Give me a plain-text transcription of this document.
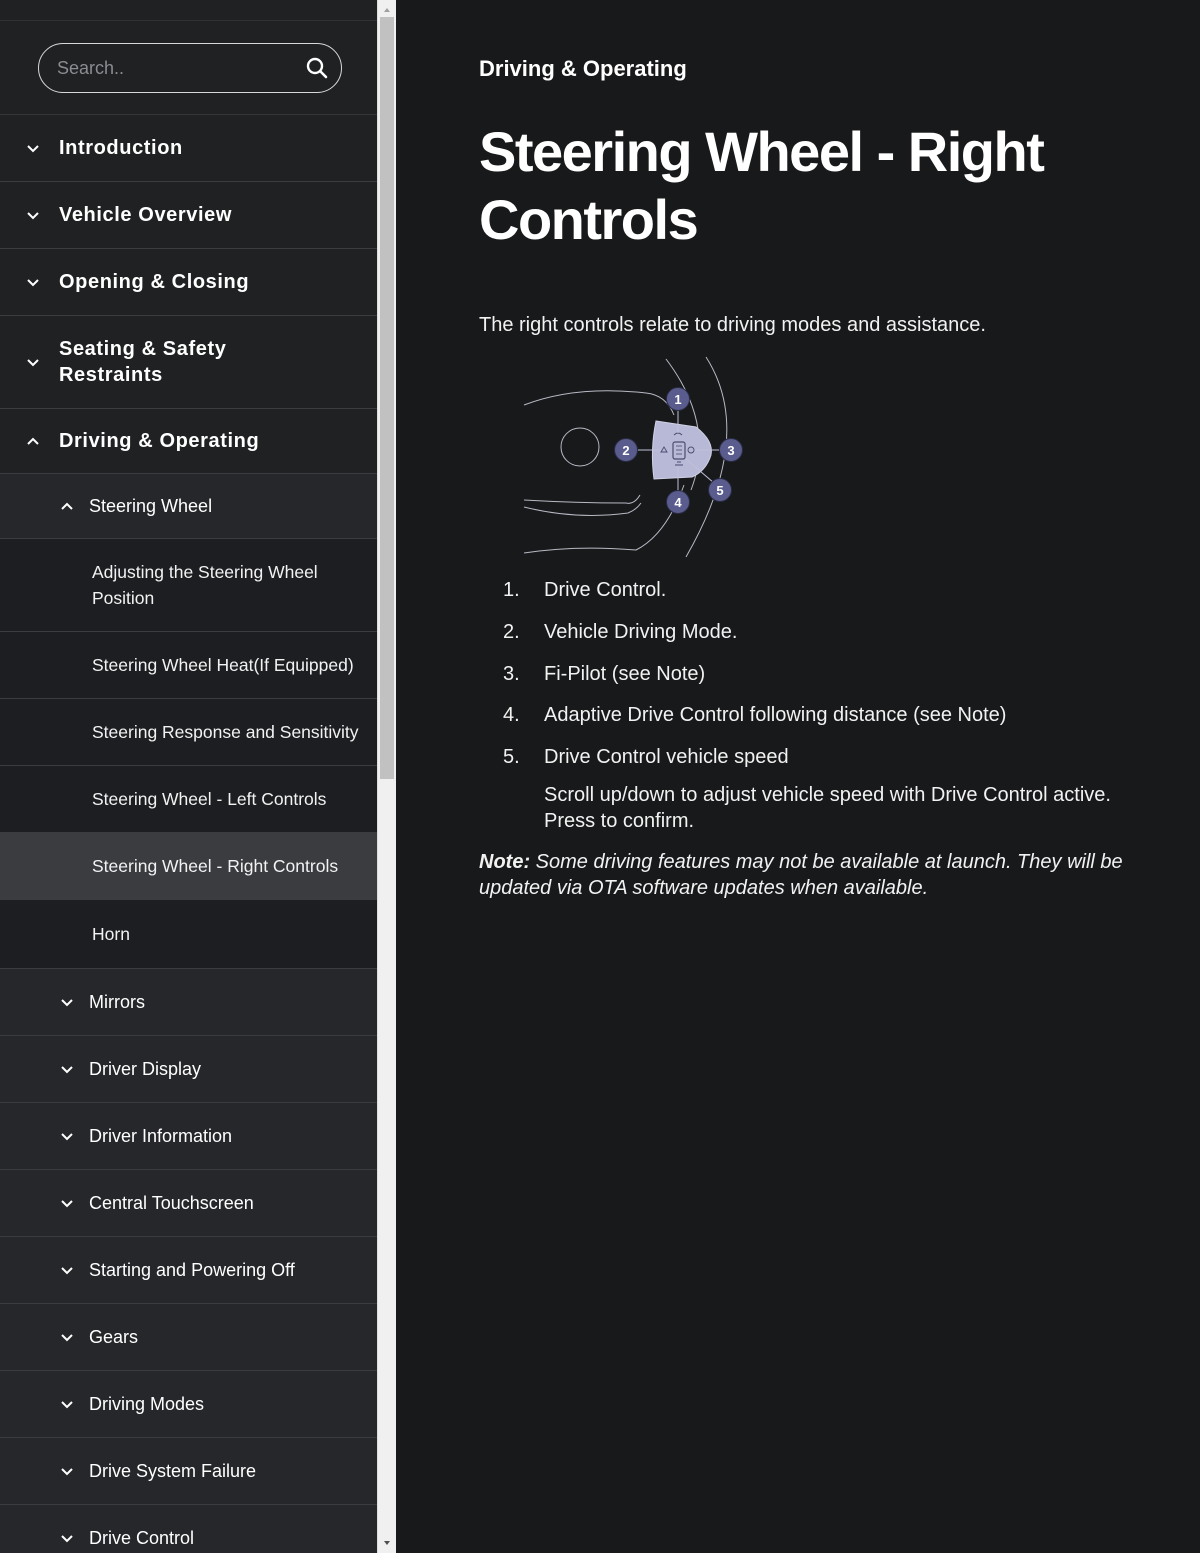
Search..
Introduction
Vehicle Overview
Opening & Closing
Seating & Safety Restraints
Driving & Operating
Steering Wheel
Adjusting the Steering Wheel Position
Steering Wheel Heat(If Equipped)
Steering Response and Sensitivity
Steering Wheel - Left Controls
Steering Wheel - Right Controls
Horn
Mirrors
Driver Display
Driver Information
Central Touchscreen
Starting and Powering Off
Gears
Driving Modes
Drive System Failure
Drive Control
Driving & Operating
Steering Wheel - Right Controls

The right controls relate to driving modes and assistance.

1
2	3
4
5
1.	Drive Control.
2.	Vehicle Driving Mode.
3.	Fi-Pilot (see Note)
4.	Adaptive Drive Control following distance (see Note)
5.	Drive Control vehicle speed

Scroll up/down to adjust vehicle speed with Drive Control active. Press to confirm.

Note: Some driving features may not be available at launch. They will be updated via OTA software updates when available.
